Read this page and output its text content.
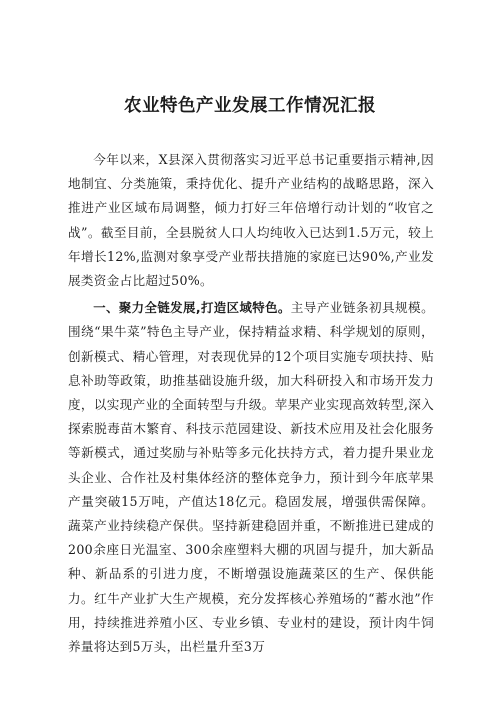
农业特色产业发展工作情况汇报

今年以来，X县深入贯彻落实习近平总书记重要指示精神,因地制宜、分类施策，秉持优化、提升产业结构的战略思路，深入推进产业区域布局调整，倾力打好三年倍增行动计划的“收官之战”。截至目前，全县脱贫人口人均纯收入已达到1.5万元，较上年增长12%,监测对象享受产业帮扶措施的家庭已达90%,产业发展类资金占比超过50%。

一、聚力全链发展,打造区域特色。主导产业链条初具规模。围绕“果牛菜”特色主导产业，保持精益求精、科学规划的原则，创新模式、精心管理，对表现优异的12个项目实施专项扶持、贴息补助等政策，助推基础设施升级，加大科研投入和市场开发力度，以实现产业的全面转型与升级。苹果产业实现高效转型,深入探索脱毒苗木繁育、科技示范园建设、新技术应用及社会化服务等新模式，通过奖励与补贴等多元化扶持方式，着力提升果业龙头企业、合作社及村集体经济的整体竞争力，预计到今年底苹果产量突破15万吨，产值达18亿元。稳固发展，增强供需保障。蔬菜产业持续稳产保供。坚持新建稳固并重，不断推进已建成的200余座日光温室、300余座塑料大棚的巩固与提升，加大新品种、新品系的引进力度，不断增强设施蔬菜区的生产、保供能力。红牛产业扩大生产规模，充分发挥核心养殖场的“蓄水池”作用，持续推进养殖小区、专业乡镇、专业村的建设，预计肉牛饲养量将达到5万头，出栏量升至3万
